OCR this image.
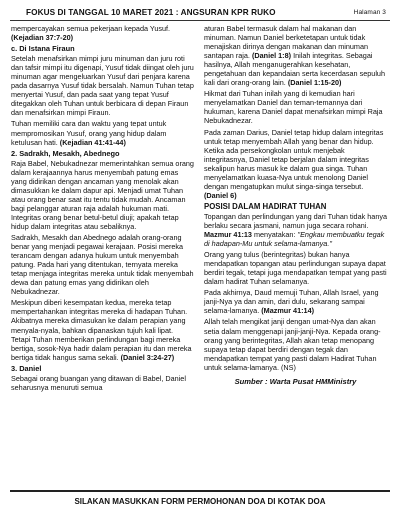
FOKUS DI TANGGAL 10 MARET 2021 : ANGSURAN KPR RUKO	Halaman 3

mempercayakan semua pekerjaan kepada Yusuf. (Kejadian 37:7-20)

c. Di Istana Firaun

Setelah menafsirkan mimpi juru minuman dan juru roti dan tafsir mimpi itu digenapi, Yusuf tidak diingat oleh juru minuman agar mengeluarkan Yusuf dari penjara karena pada dasarnya Yusuf tidak bersalah. Namun Tuhan tetap menyertai Yusuf, dan pada saat yang tepat Yusuf ditegakkan oleh Tuhan untuk berbicara di depan Firaun dan menafsirkan mimpi Firaun.

Tuhan memiliki cara dan waktu yang tepat untuk mempromosikan Yusuf, orang yang hidup dalam ketulusan hati. (Kejadian 41:41-44)

2. Sadrakh, Mesakh, Abednego

Raja Babel, Nebukadnezar memerintahkan semua orang dalam kerajaannya harus menyembah patung emas yang didirikan dengan ancaman yang menolak akan dimasukkan ke dalam dapur api. Menjadi umat Tuhan atau orang benar saat itu tentu tidak mudah. Ancaman bagi pelanggar aturan raja adalah hukuman mati. Integritas orang benar betul-betul diuji; apakah tetap hidup dalam integritas atau sebaliknya.

Sadrakh, Mesakh dan Abednego adalah orang-orang benar yang menjadi pegawai kerajaan. Posisi mereka terancam dengan adanya hukum untuk menyembah patung. Pada hari yang ditentukan, ternyata mereka tetap menjaga integritas mereka untuk tidak menyembah dewa dan patung emas yang didirikan oleh Nebukadnezar.

Meskipun diberi kesempatan kedua, mereka tetap mempertahankan integritas mereka di hadapan Tuhan. Akibatnya mereka dimasukan ke dalam perapian yang menyala-nyala, bahkan dipanaskan tujuh kali lipat. Tetapi Tuhan memberikan perlindungan bagi mereka bertiga, sosok-Nya hadir dalam perapian itu dan mereka bertiga tidak hangus sama sekali. (Daniel 3:24-27)

3. Daniel

Sebagai orang buangan yang ditawan di Babel, Daniel seharusnya menuruti semua

aturan Babel termasuk dalam hal makanan dan minuman. Namun Daniel berketetapan untuk tidak menajiskan dirinya dengan makanan dan minuman santapan raja. (Daniel 1:8) Inilah integritas. Sebagai hasilnya, Allah menganugerahkan kesehatan, pengetahuan dan kepandaian serta kecerdasan sepuluh kali dari orang-orang lain. (Daniel 1:15-20)

Hikmat dari Tuhan inilah yang di kemudian hari menyelamatkan Daniel dan teman-temannya dari hukuman, karena Daniel dapat menafsirkan mimpi Raja Nebukadnezar.

Pada zaman Darius, Daniel tetap hidup dalam integritas untuk tetap menyembah Allah yang benar dan hidup. Ketika ada persekongkolan untuk menjebak integritasnya, Daniel tetap berjalan dalam integritas sekalipun harus masuk ke dalam gua singa. Tuhan menyelamatkan kuasa-Nya untuk menolong Daniel dengan mengatupkan mulut singa-singa tersebut. (Daniel 6)

POSISI DALAM HADIRAT TUHAN

Topangan dan perlindungan yang dari Tuhan tidak hanya berlaku secara jasmani, namun juga secara rohani. Mazmur 41:13 menyatakan: "Engkau membuatku tegak di hadapan-Mu untuk selama-lamanya."

Orang yang tulus (berintegritas) bukan hanya mendapatkan topangan atau perlindungan supaya dapat berdiri tegak, tetapi juga mendapatkan tempat yang pasti dalam hadirat Tuhan selamanya.

Pada akhirnya, Daud memuji Tuhan, Allah Israel, yang janji-Nya ya dan amin, dari dulu, sekarang sampai selama-lamanya. (Mazmur 41:14)

Allah telah mengikat janji dengan umat-Nya dan akan setia dalam menggenapi janji-janji-Nya. Kepada orang-orang yang berintegritas, Allah akan tetap menopang supaya tetap dapat berdiri dengan tegak dan mendapatkan tempat yang pasti dalam Hadirat Tuhan untuk selama-lamanya. (NS)

Sumber : Warta Pusat HMMinistry

SILAKAN MASUKKAN FORM PERMOHONAN DOA DI KOTAK DOA
